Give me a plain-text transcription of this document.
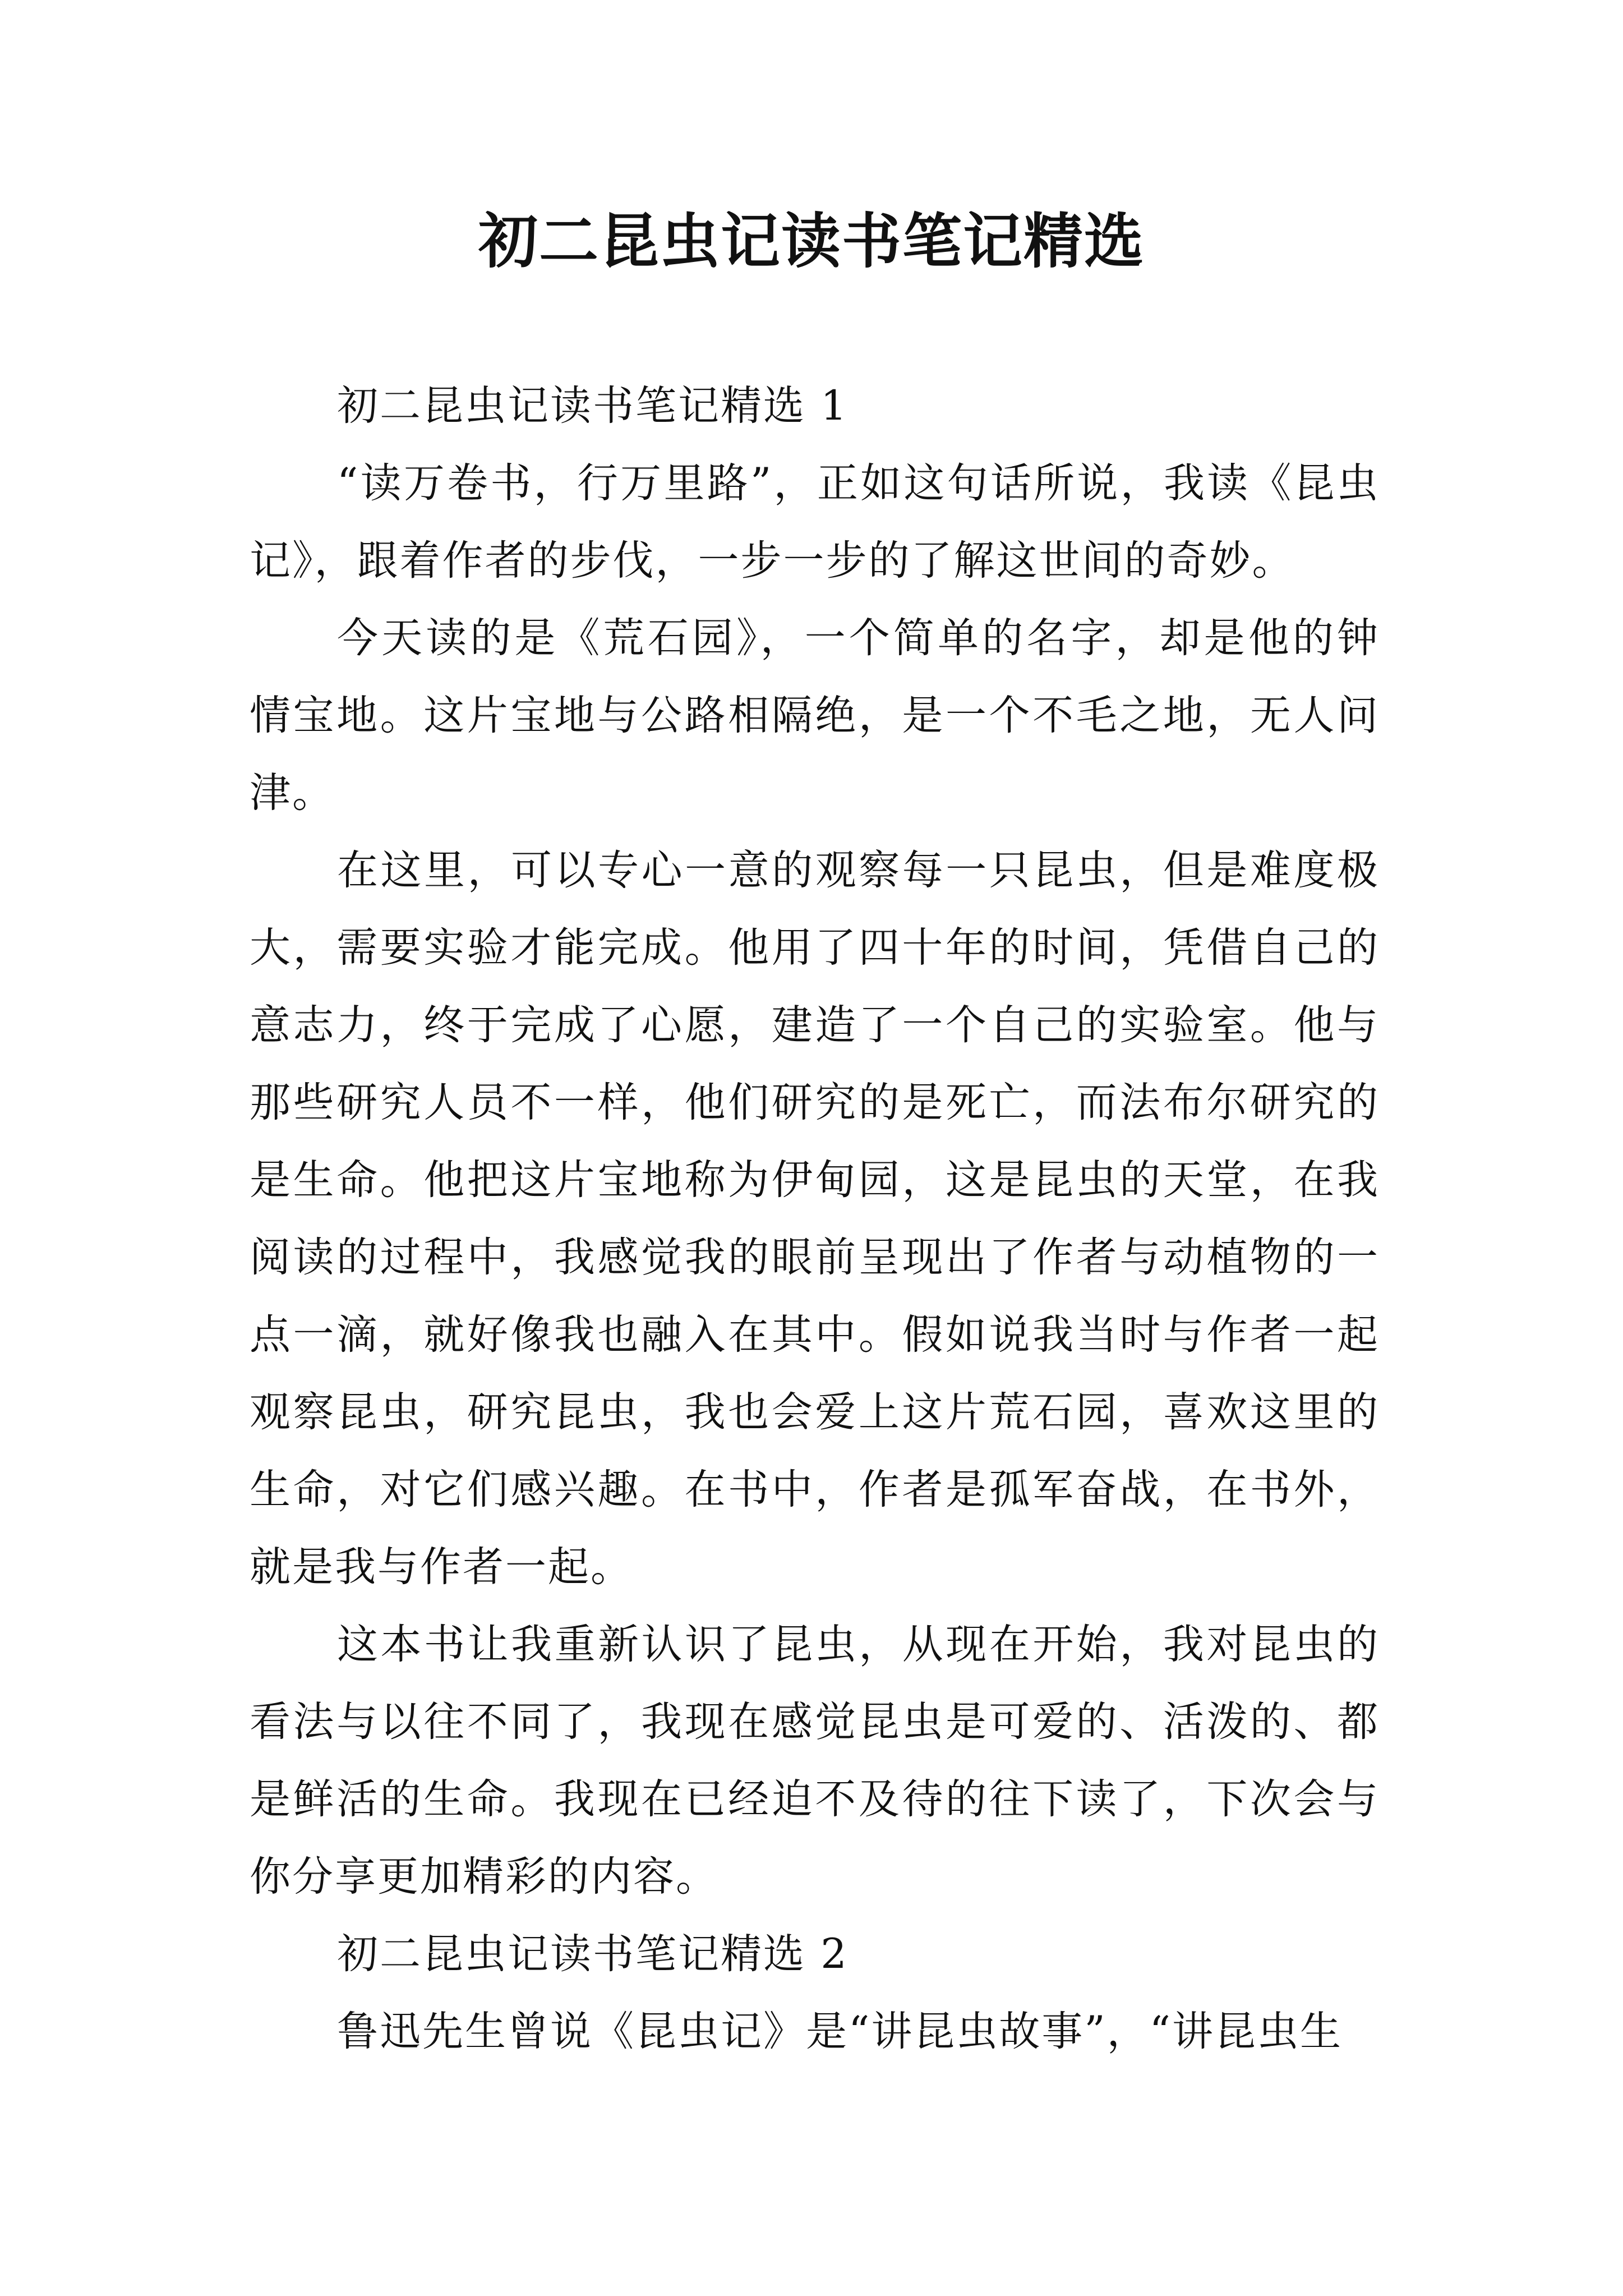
初二昆虫记读书笔记精选

初二昆虫记读书笔记精选 1

“读万卷书，行万里路”，正如这句话所说，我读《昆虫记》，跟着作者的步伐，一步一步的了解这世间的奇妙。

今天读的是《荒石园》，一个简单的名字，却是他的钟情宝地。这片宝地与公路相隔绝，是一个不毛之地，无人问津。

在这里，可以专心一意的观察每一只昆虫，但是难度极大，需要实验才能完成。他用了四十年的时间，凭借自己的意志力，终于完成了心愿，建造了一个自己的实验室。他与那些研究人员不一样，他们研究的是死亡，而法布尔研究的是生命。他把这片宝地称为伊甸园，这是昆虫的天堂，在我阅读的过程中，我感觉我的眼前呈现出了作者与动植物的一点一滴，就好像我也融入在其中。假如说我当时与作者一起观察昆虫，研究昆虫，我也会爱上这片荒石园，喜欢这里的生命，对它们感兴趣。在书中，作者是孤军奋战，在书外，就是我与作者一起。

这本书让我重新认识了昆虫，从现在开始，我对昆虫的看法与以往不同了，我现在感觉昆虫是可爱的、活泼的、都是鲜活的生命。我现在已经迫不及待的往下读了，下次会与你分享更加精彩的内容。

初二昆虫记读书笔记精选 2

鲁迅先生曾说《昆虫记》是“讲昆虫故事”，“讲昆虫生
